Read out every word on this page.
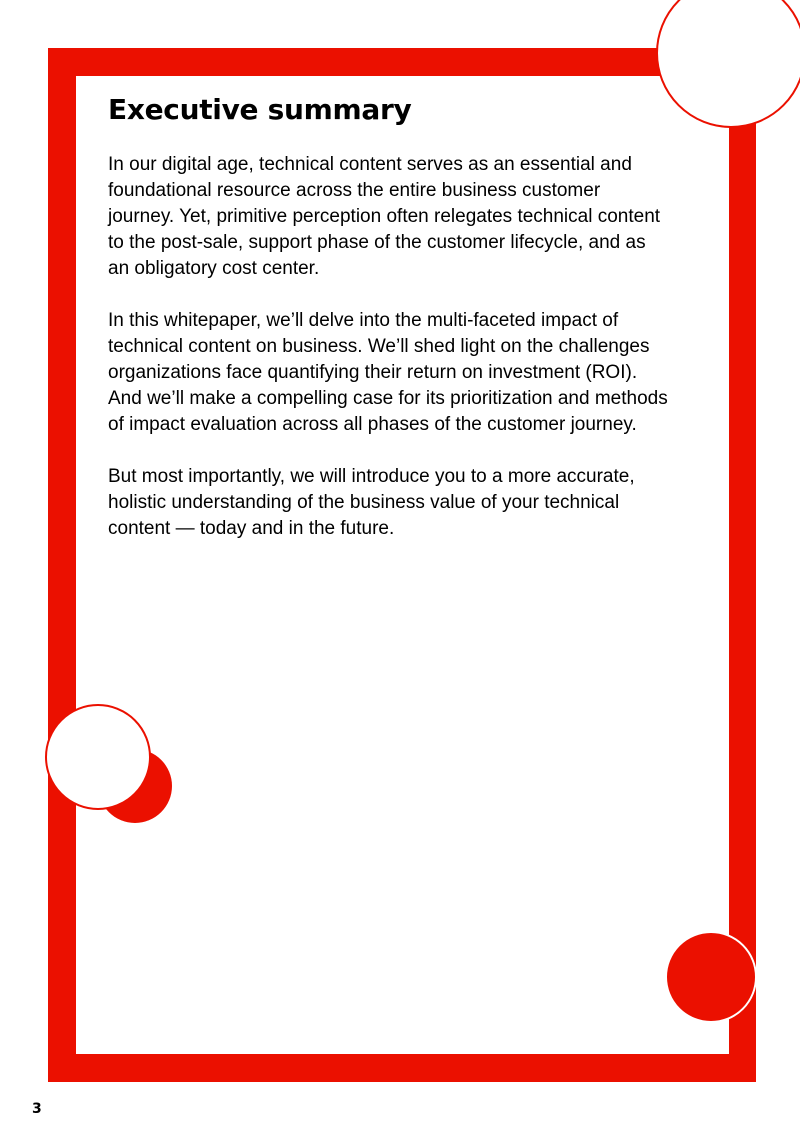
Executive summary

In our digital age, technical content serves as an essential and foundational resource across the entire business customer journey. Yet, primitive perception often relegates technical content to the post-sale, support phase of the customer lifecycle, and as an obligatory cost center.

In this whitepaper, we’ll delve into the multi-faceted impact of technical content on business. We’ll shed light on the challenges organizations face quantifying their return on investment (ROI). And we’ll make a compelling case for its prioritization and methods of impact evaluation across all phases of the customer journey.

But most importantly, we will introduce you to a more accurate, holistic understanding of the business value of your technical content — today and in the future.

3
